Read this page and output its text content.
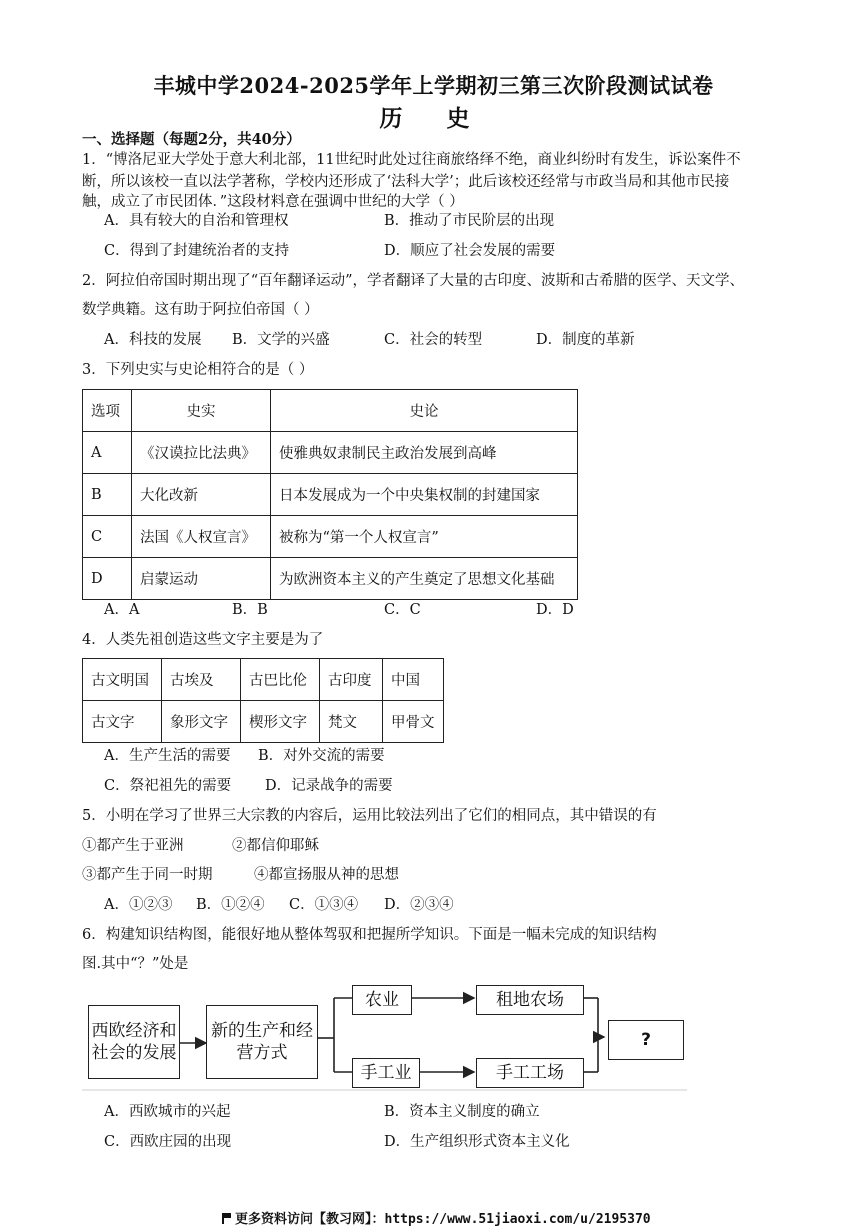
丰城中学2024-2025学年上学期初三第三次阶段测试试卷
历 史
一、选择题（每题2分，共40分）
1．“博洛尼亚大学处于意大利北部，11世纪时此处过往商旅络绎不绝，商业纠纷时有发生，诉讼案件不
断，所以该校一直以法学著称，学校内还形成了‘法科大学’；此后该校还经常与市政当局和其他市民接
触，成立了市民团体．”这段材料意在强调中世纪的大学（ ）
A．具有较大的自治和管理权	B．推动了市民阶层的出现
C．得到了封建统治者的支持	D．顺应了社会发展的需要
2．阿拉伯帝国时期出现了“百年翻译运动”，学者翻译了大量的古印度、波斯和古希腊的医学、天文学、
数学典籍。这有助于阿拉伯帝国（ ）
A．科技的发展 B．文学的兴盛	C．社会的转型	D．制度的革新
3．下列史实与史论相符合的是（ ）
选项	史实	史论
A	《汉谟拉比法典》	使雅典奴隶制民主政治发展到高峰
B	大化改新	日本发展成为一个中央集权制的封建国家
C	法国《人权宣言》	被称为“第一个人权宣言”
D	启蒙运动	为欧洲资本主义的产生奠定了思想文化基础
A．A	B．B	C．C	D．D
4．人类先祖创造这些文字主要是为了
古文明国	古埃及	古巴比伦	古印度	中国
古文字	象形文字	楔形文字	梵文	甲骨文
A．生产生活的需要 B．对外交流的需要
C．祭祀祖先的需要 D．记录战争的需要
5．小明在学习了世界三大宗教的内容后，运用比较法列出了它们的相同点，其中错误的有
①都产生于亚洲	②都信仰耶稣
③都产生于同一时期	④都宣扬服从神的思想
A．①②③ B．①②④ C．①③④ D．②③④
6．构建知识结构图，能很好地从整体驾驭和把握所学知识。下面是一幅未完成的知识结构
图.其中“？”处是
西欧经济和社会的发展
新的生产和经营方式
农业	租地农场
手工业	手工工场
?
A．西欧城市的兴起	B．资本主义制度的确立
C．西欧庄园的出现	D．生产组织形式资本主义化
更多资料访问【教习网】：https://www.51jiaoxi.com/u/2195370
